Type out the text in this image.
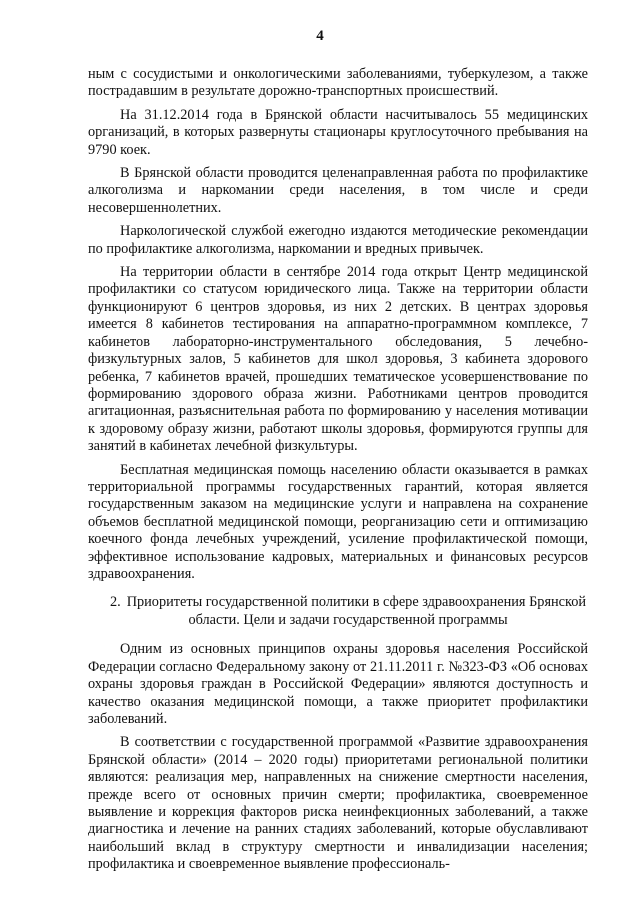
4

ным с сосудистыми и онкологическими заболеваниями, туберкулезом, а также пострадавшим в результате дорожно-транспортных происшествий.

На 31.12.2014 года в Брянской области насчитывалось 55 медицинских организаций, в которых развернуты стационары круглосуточного пребывания на 9790 коек.

В Брянской области проводится целенаправленная работа по профилактике алкоголизма и наркомании среди населения, в том числе и среди несовершеннолетних.

Наркологической службой ежегодно издаются методические рекомендации по профилактике алкоголизма, наркомании и вредных привычек.

На территории области в сентябре 2014 года открыт Центр медицинской профилактики со статусом юридического лица. Также на территории области функционируют 6 центров здоровья, из них 2 детских. В центрах здоровья имеется 8 кабинетов тестирования на аппаратно-программном комплексе, 7 кабинетов лабораторно-инструментального обследования, 5 лечебно-физкультурных залов, 5 кабинетов для школ здоровья, 3 кабинета здорового ребенка, 7 кабинетов врачей, прошедших тематическое усовершенствование по формированию здорового образа жизни. Работниками центров проводится агитационная, разъяснительная работа по формированию у населения мотивации к здоровому образу жизни, работают школы здоровья, формируются группы для занятий в кабинетах лечебной физкультуры.

Бесплатная медицинская помощь населению области оказывается в рамках территориальной программы государственных гарантий, которая является государственным заказом на медицинские услуги и направлена на сохранение объемов бесплатной медицинской помощи, реорганизацию сети и оптимизацию коечного фонда лечебных учреждений, усиление профилактической помощи, эффективное использование кадровых, материальных и финансовых ресурсов здравоохранения.

2. Приоритеты государственной политики в сфере здравоохранения Брянской области. Цели и задачи государственной программы

Одним из основных принципов охраны здоровья населения Российской Федерации согласно Федеральному закону от 21.11.2011 г. №323-ФЗ «Об основах охраны здоровья граждан в Российской Федерации» являются доступность и качество оказания медицинской помощи, а также приоритет профилактики заболеваний.

В соответствии с государственной программой «Развитие здравоохранения Брянской области» (2014 – 2020 годы) приоритетами региональной политики являются: реализация мер, направленных на снижение смертности населения, прежде всего от основных причин смерти; профилактика, своевременное выявление и коррекция факторов риска неинфекционных заболеваний, а также диагностика и лечение на ранних стадиях заболеваний, которые обуславливают наибольший вклад в структуру смертности и инвалидизации населения; профилактика и своевременное выявление профессиональ-
